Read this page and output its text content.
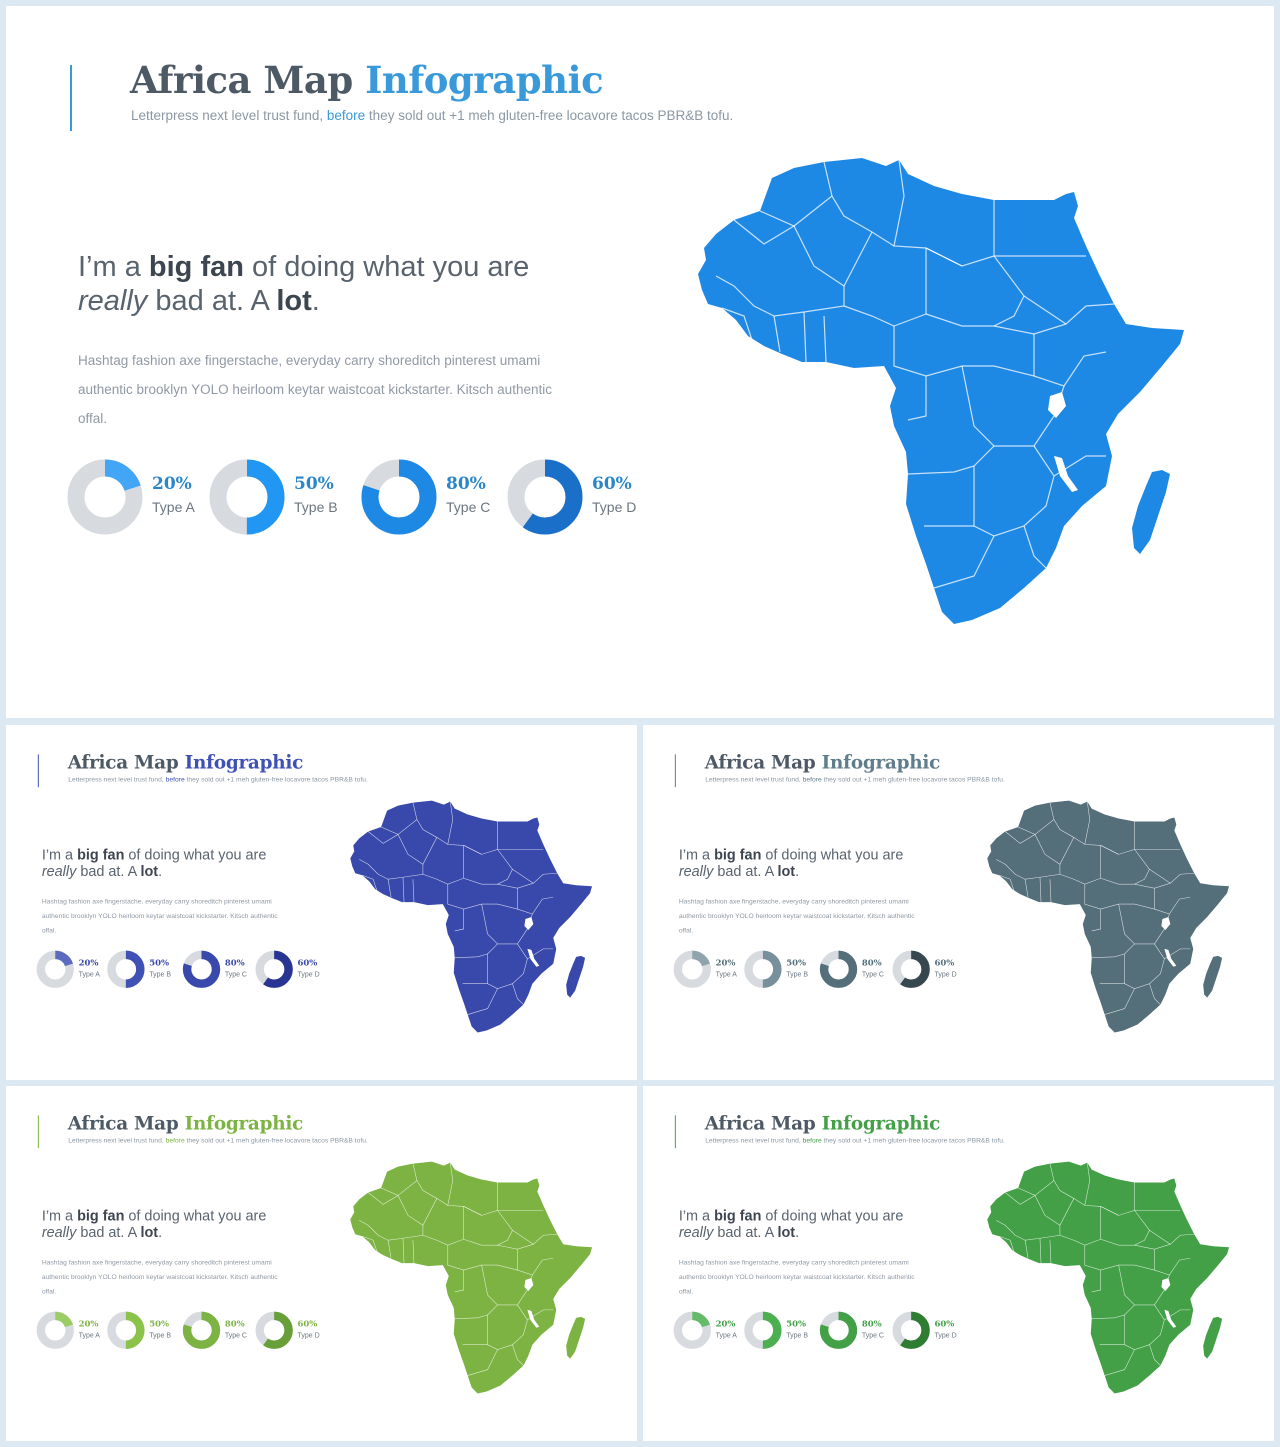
Africa Map Infographic
Letterpress next level trust fund, before they sold out +1 meh gluten-free locavore tacos PBR&B tofu.
I’m a big fan of doing what you are
really bad at. A lot.
Hashtag fashion axe fingerstache, everyday carry shoreditch pinterest umami authentic brooklyn YOLO heirloom keytar waistcoat kickstarter. Kitsch authentic offal.
20%
Type A
50%
Type B
80%
Type C
60%
Type D
Africa Map Infographic
Letterpress next level trust fund, before they sold out +1 meh gluten-free locavore tacos PBR&B tofu.
I’m a big fan of doing what you are
really bad at. A lot.
Hashtag fashion axe fingerstache, everyday carry shoreditch pinterest umami authentic brooklyn YOLO heirloom keytar waistcoat kickstarter. Kitsch authentic offal.
20%
Type A
50%
Type B
80%
Type C
60%
Type D
Africa Map Infographic
Letterpress next level trust fund, before they sold out +1 meh gluten-free locavore tacos PBR&B tofu.
I’m a big fan of doing what you are
really bad at. A lot.
Hashtag fashion axe fingerstache, everyday carry shoreditch pinterest umami authentic brooklyn YOLO heirloom keytar waistcoat kickstarter. Kitsch authentic offal.
20%
Type A
50%
Type B
80%
Type C
60%
Type D
Africa Map Infographic
Letterpress next level trust fund, before they sold out +1 meh gluten-free locavore tacos PBR&B tofu.
I’m a big fan of doing what you are
really bad at. A lot.
Hashtag fashion axe fingerstache, everyday carry shoreditch pinterest umami authentic brooklyn YOLO heirloom keytar waistcoat kickstarter. Kitsch authentic offal.
20%
Type A
50%
Type B
80%
Type C
60%
Type D
Africa Map Infographic
Letterpress next level trust fund, before they sold out +1 meh gluten-free locavore tacos PBR&B tofu.
I’m a big fan of doing what you are
really bad at. A lot.
Hashtag fashion axe fingerstache, everyday carry shoreditch pinterest umami authentic brooklyn YOLO heirloom keytar waistcoat kickstarter. Kitsch authentic offal.
20%
Type A
50%
Type B
80%
Type C
60%
Type D
